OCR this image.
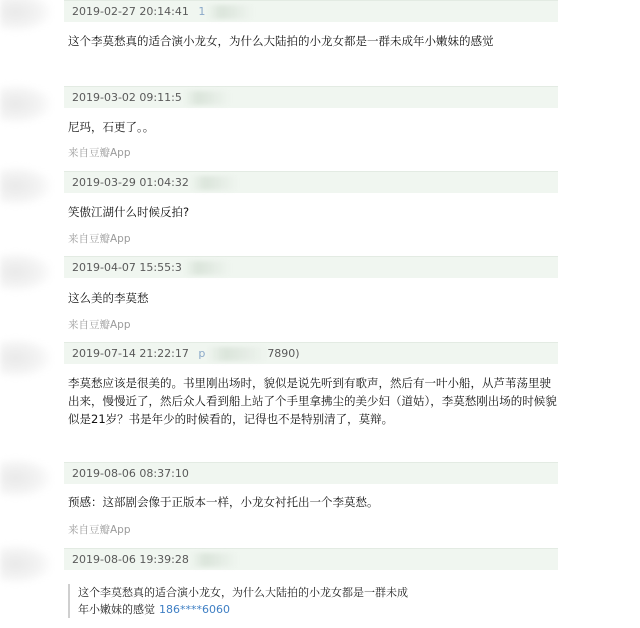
2019-02-27 20:14:41 1
这个李莫愁真的适合演小龙女，为什么大陆拍的小龙女都是一群未成年小嫩妹的感觉
2019-03-02 09:11:5
尼玛，石更了。。
来自豆瓣App
2019-03-29 01:04:32
笑傲江湖什么时候反拍?
来自豆瓣App
2019-04-07 15:55:3
这么美的李莫愁
来自豆瓣App
2019-07-14 21:22:17 p	7890)
李莫愁应该是很美的。书里刚出场时，貌似是说先听到有歌声，然后有一叶小船，从芦苇荡里驶出来，慢慢近了，然后众人看到船上站了个手里拿拂尘的美少妇（道姑），李莫愁刚出场的时候貌似是21岁？书是年少的时候看的，记得也不是特别清了，莫辩。
2019-08-06 08:37:10
预感：这部剧会像于正版本一样，小龙女衬托出一个李莫愁。
来自豆瓣App
2019-08-06 19:39:28
这个李莫愁真的适合演小龙女，为什么大陆拍的小龙女都是一群未成
年小嫩妹的感觉 186****6060
